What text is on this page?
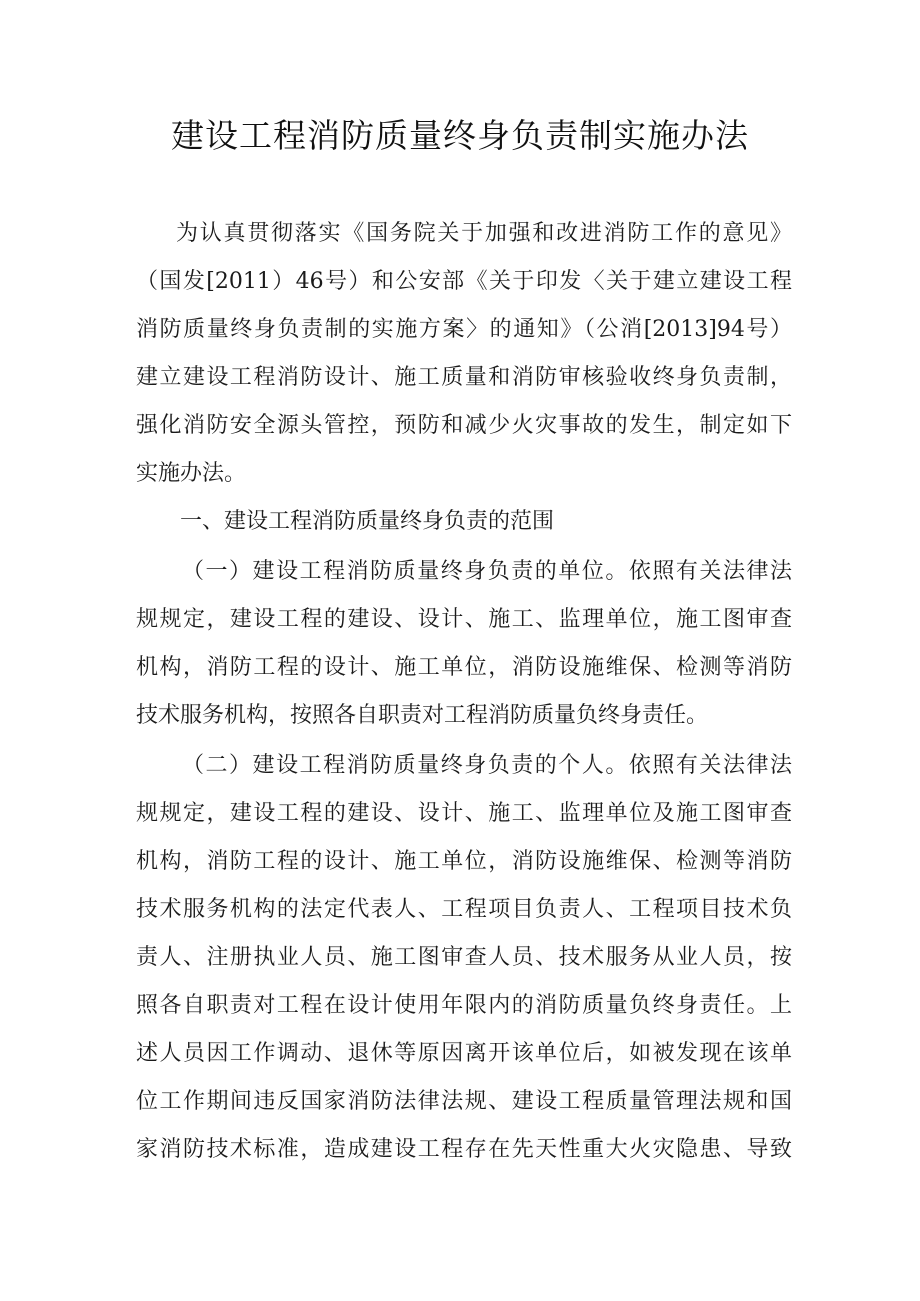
建设工程消防质量终身负责制实施办法
为认真贯彻落实《国务院关于加强和改进消防工作的意见》
（国发[2011）46号）和公安部《关于印发〈关于建立建设工程
消防质量终身负责制的实施方案〉的通知》（公消[2013]94号）
建立建设工程消防设计、施工质量和消防审核验收终身负责制，
强化消防安全源头管控，预防和减少火灾事故的发生，制定如下
实施办法。
一、建设工程消防质量终身负责的范围
（一）建设工程消防质量终身负责的单位。依照有关法律法
规规定，建设工程的建设、设计、施工、监理单位，施工图审查
机构，消防工程的设计、施工单位，消防设施维保、检测等消防
技术服务机构，按照各自职责对工程消防质量负终身责任。
（二）建设工程消防质量终身负责的个人。依照有关法律法
规规定，建设工程的建设、设计、施工、监理单位及施工图审查
机构，消防工程的设计、施工单位，消防设施维保、检测等消防
技术服务机构的法定代表人、工程项目负责人、工程项目技术负
责人、注册执业人员、施工图审查人员、技术服务从业人员，按
照各自职责对工程在设计使用年限内的消防质量负终身责任。上
述人员因工作调动、退休等原因离开该单位后，如被发现在该单
位工作期间违反国家消防法律法规、建设工程质量管理法规和国
家消防技术标准，造成建设工程存在先天性重大火灾隐患、导致
